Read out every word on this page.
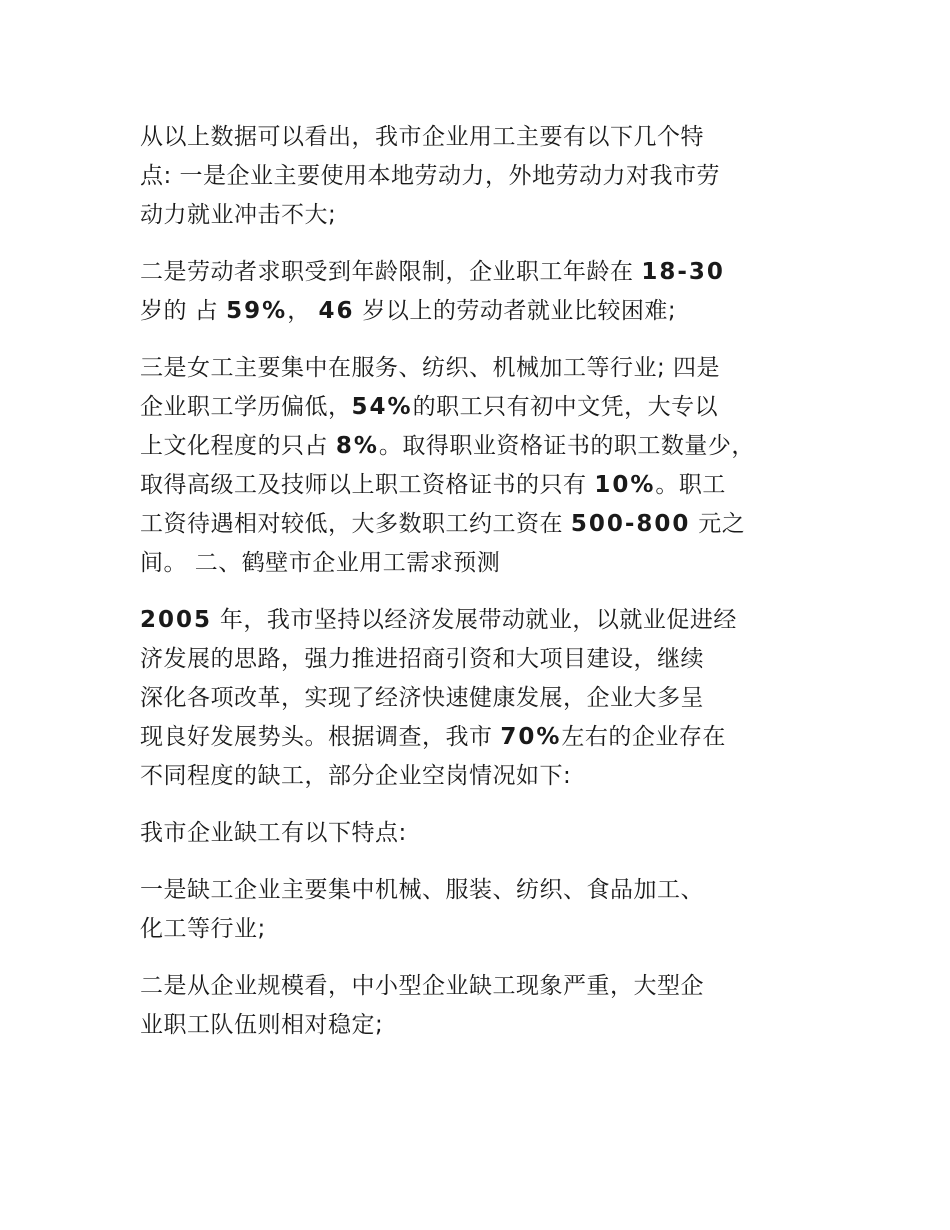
从以上数据可以看出，我市企业用工主要有以下几个特
点: 一是企业主要使用本地劳动力，外地劳动力对我市劳
动力就业冲击不大;
二是劳动者求职受到年龄限制，企业职工年龄在 18-30
岁的 占 59%， 46 岁以上的劳动者就业比较困难;
三是女工主要集中在服务、纺织、机械加工等行业; 四是
企业职工学历偏低，54%的职工只有初中文凭，大专以
上文化程度的只占 8%。取得职业资格证书的职工数量少，
取得高级工及技师以上职工资格证书的只有 10%。职工
工资待遇相对较低，大多数职工约工资在 500-800 元之
间。 二、鹤壁市企业用工需求预测
2005 年，我市坚持以经济发展带动就业，以就业促进经
济发展的思路，强力推进招商引资和大项目建设，继续
深化各项改革，实现了经济快速健康发展，企业大多呈
现良好发展势头。根据调查，我市 70%左右的企业存在
不同程度的缺工，部分企业空岗情况如下:
我市企业缺工有以下特点:
一是缺工企业主要集中机械、服装、纺织、食品加工、
化工等行业;
二是从企业规模看，中小型企业缺工现象严重，大型企
业职工队伍则相对稳定;
